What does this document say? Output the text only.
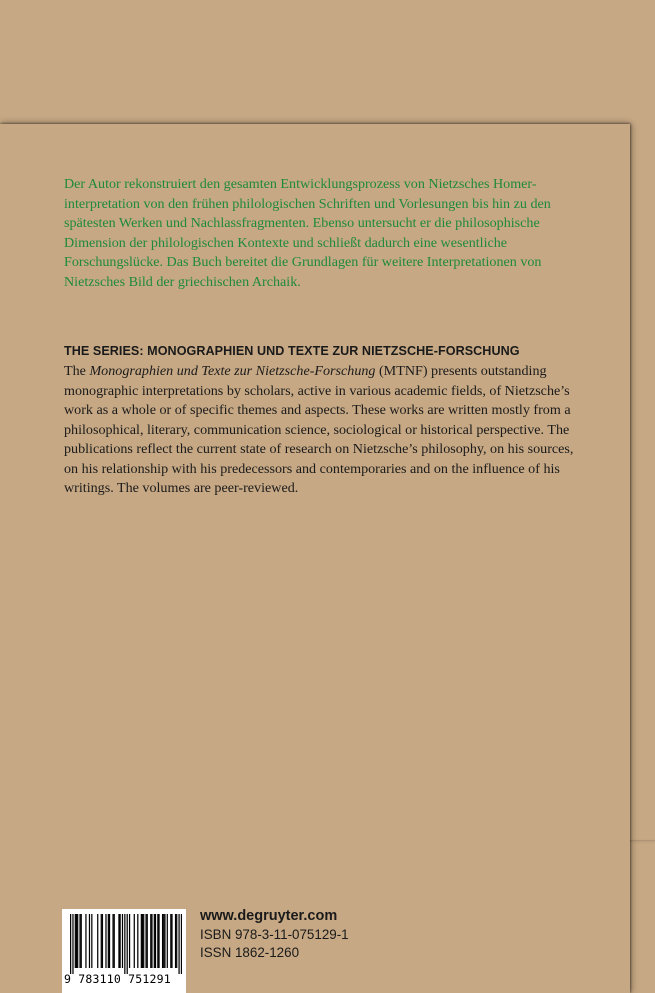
Der Autor rekonstruiert den gesamten Entwicklungsprozess von Nietzsches Homer-
interpretation von den frühen philologischen Schriften und Vorlesungen bis hin zu den
spätesten Werken und Nachlassfragmenten. Ebenso untersucht er die philosophische
Dimension der philologischen Kontexte und schließt dadurch eine wesentliche
Forschungslücke. Das Buch bereitet die Grundlagen für weitere Interpretationen von
Nietzsches Bild der griechischen Archaik.
THE SERIES: MONOGRAPHIEN UND TEXTE ZUR NIETZSCHE-FORSCHUNG
The Monographien und Texte zur Nietzsche-Forschung (MTNF) presents outstanding
monographic interpretations by scholars, active in various academic fields, of Nietzsche’s
work as a whole or of specific themes and aspects. These works are written mostly from a
philosophical, literary, communication science, sociological or historical perspective. The
publications reflect the current state of research on Nietzsche’s philosophy, on his sources,
on his relationship with his predecessors and contemporaries and on the influence of his
writings. The volumes are peer-reviewed.
9 783110 751291
www.degruyter.com
ISBN 978-3-11-075129-1
ISSN 1862-1260
